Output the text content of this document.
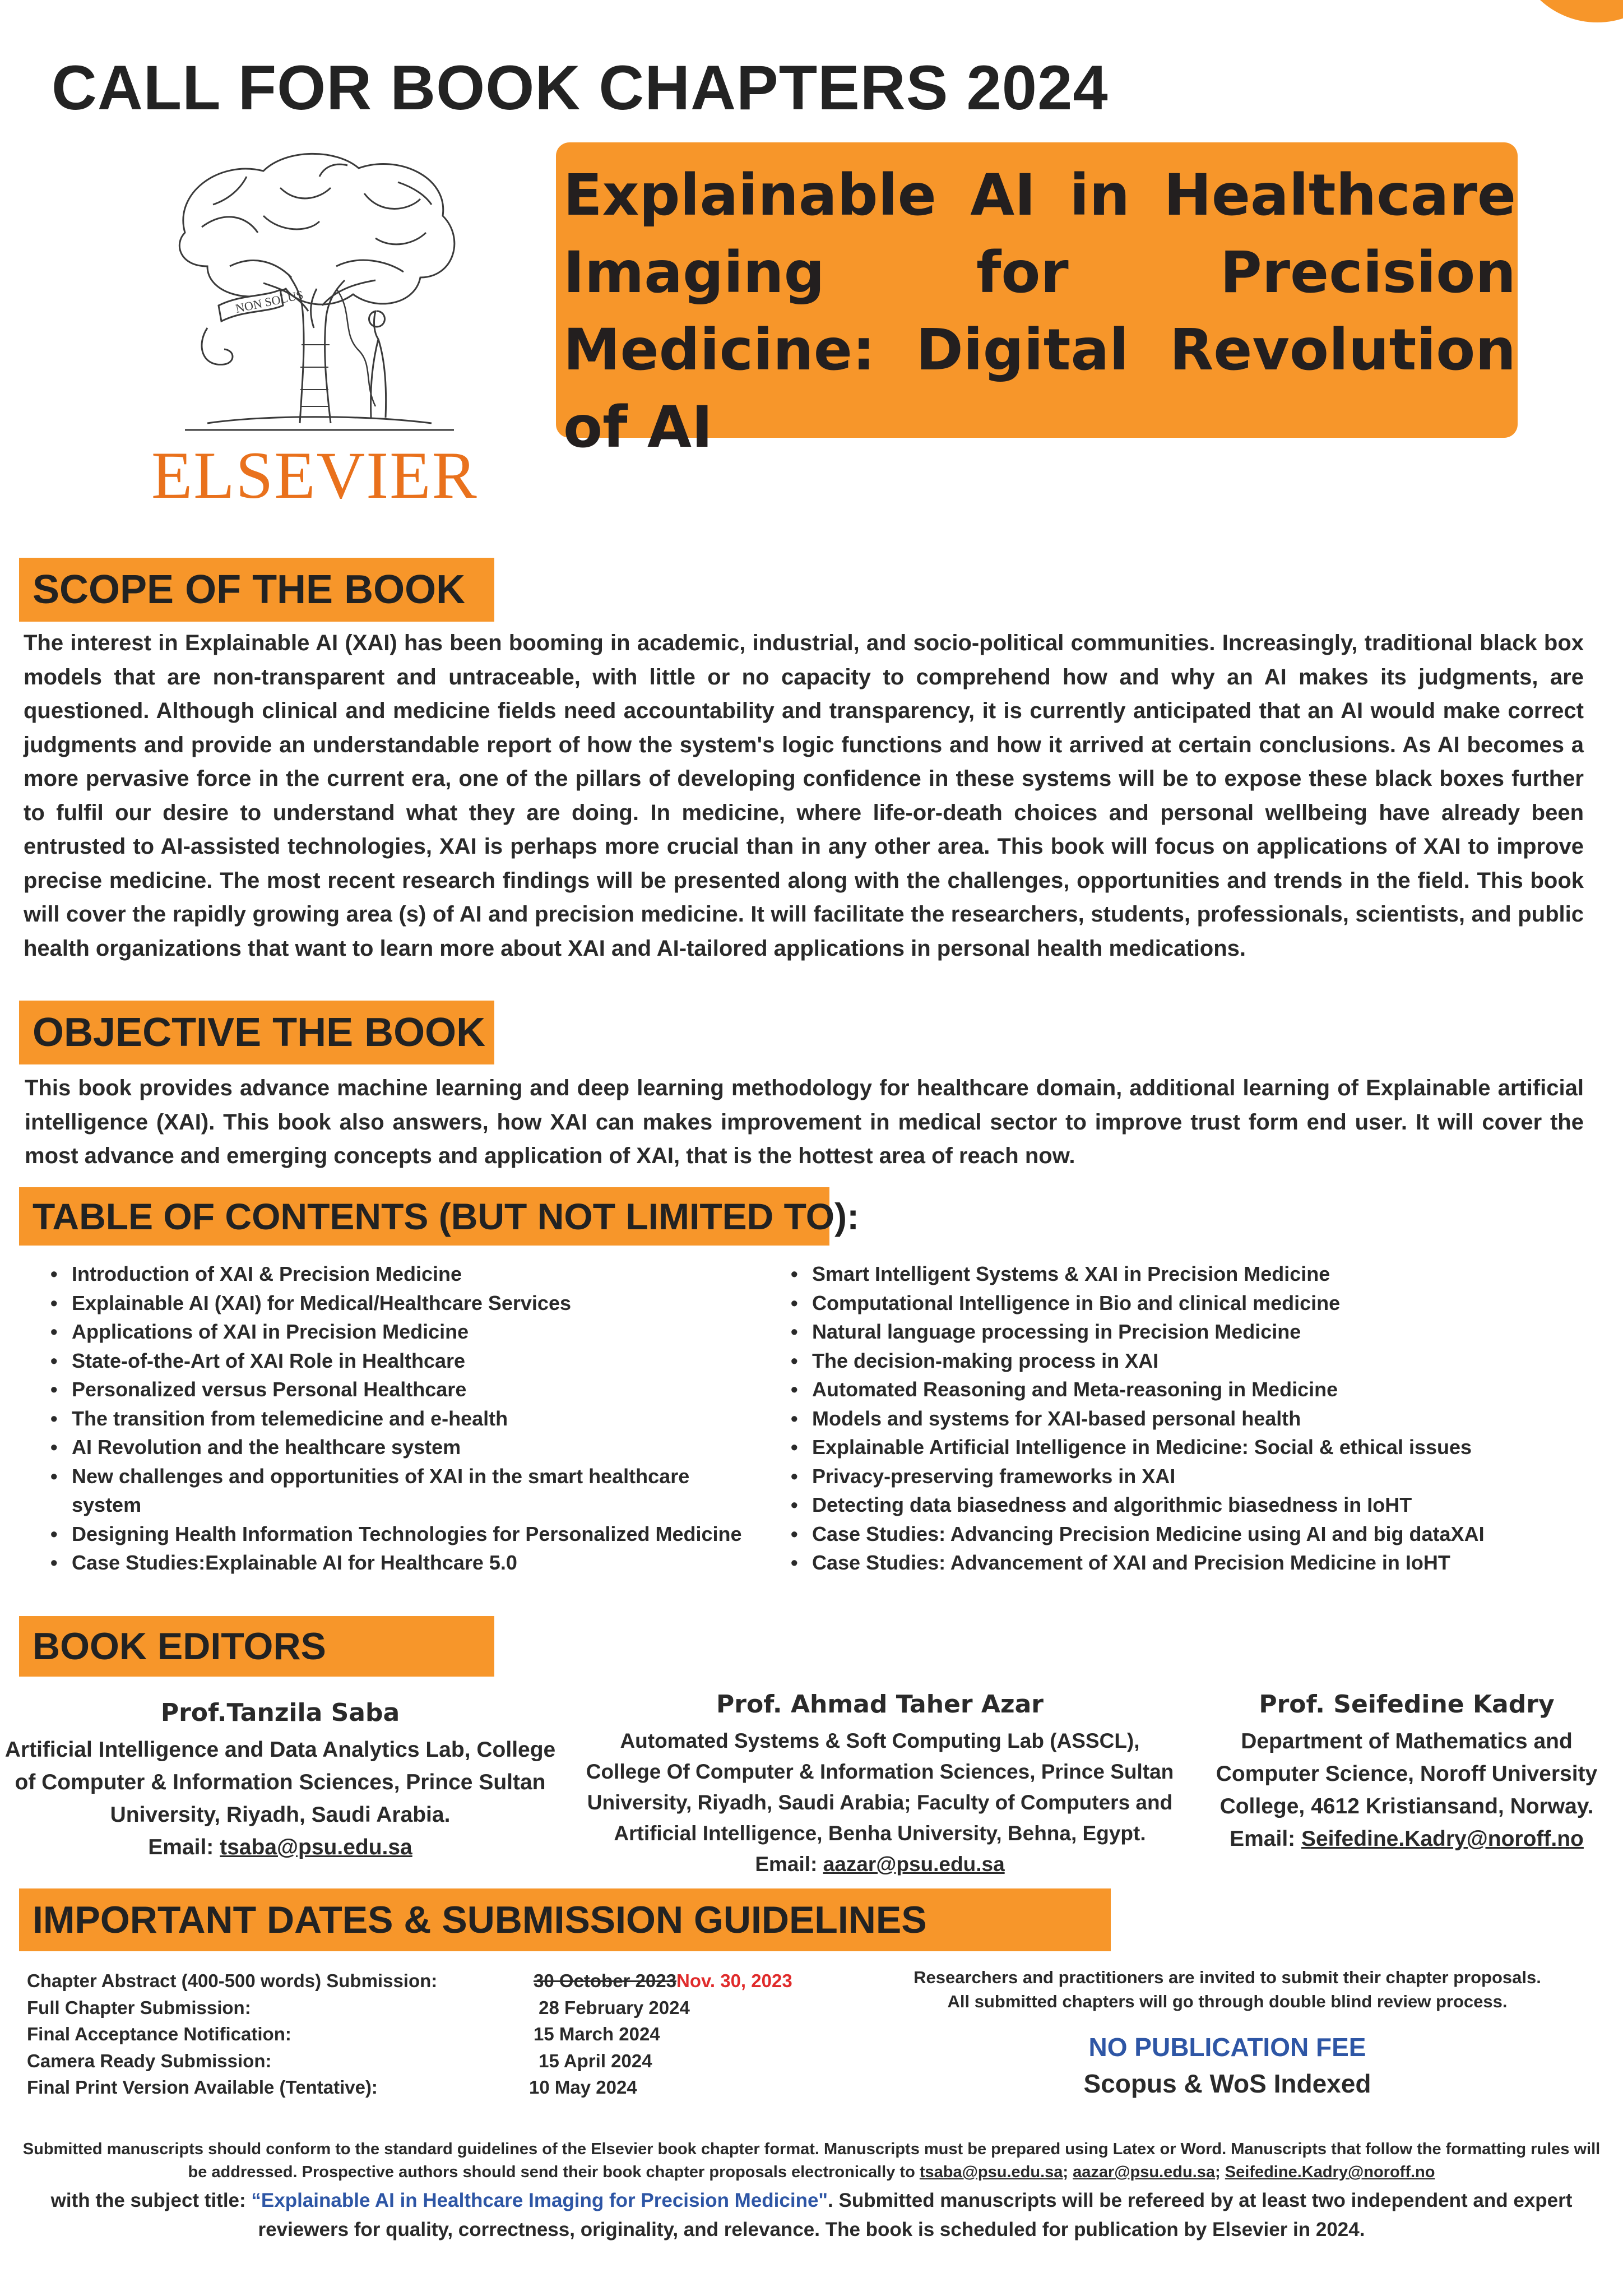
CALL FOR BOOK CHAPTERS 2024
NON SOLUS
ELSEVIER
Explainable AI in Healthcare Imaging for Precision Medicine: Digital Revolution of AI
SCOPE OF THE BOOK
The interest in Explainable AI (XAI) has been booming in academic, industrial, and socio-political communities. Increasingly, traditional black box models that are non-transparent and untraceable, with little or no capacity to comprehend how and why an AI makes its judgments, are questioned. Although clinical and medicine fields need accountability and transparency, it is currently anticipated that an AI would make correct judgments and provide an understandable report of how the system's logic functions and how it arrived at certain conclusions. As AI becomes a more pervasive force in the current era, one of the pillars of developing confidence in these systems will be to expose these black boxes further to fulfil our desire to understand what they are doing. In medicine, where life-or-death choices and personal wellbeing have already been entrusted to AI-assisted technologies, XAI is perhaps more crucial than in any other area. This book will focus on applications of XAI to improve precise medicine. The most recent research findings will be presented along with the challenges, opportunities and trends in the field. This book will cover the rapidly growing area (s) of AI and precision medicine. It will facilitate the researchers, students, professionals, scientists, and public health organizations that want to learn more about XAI and AI-tailored applications in personal health medications.
OBJECTIVE THE BOOK
This book provides advance machine learning and deep learning methodology for healthcare domain, additional learning of Explainable artificial intelligence (XAI). This book also answers, how XAI can makes improvement in medical sector to improve trust form end user. It will cover the most advance and emerging concepts and application of XAI, that is the hottest area of reach now.
TABLE OF CONTENTS (BUT NOT LIMITED TO):
• Introduction of XAI & Precision Medicine
• Explainable AI (XAI) for Medical/Healthcare Services
• Applications of XAI in Precision Medicine
• State-of-the-Art of XAI Role in Healthcare
• Personalized versus Personal Healthcare
• The transition from telemedicine and e-health
• AI Revolution and the healthcare system
• New challenges and opportunities of XAI in the smart healthcare system
• Designing Health Information Technologies for Personalized Medicine
• Case Studies:Explainable AI for Healthcare 5.0
• Smart Intelligent Systems & XAI in Precision Medicine
• Computational Intelligence in Bio and clinical medicine
• Natural language processing in Precision Medicine
• The decision-making process in XAI
• Automated Reasoning and Meta-reasoning in Medicine
• Models and systems for XAI-based personal health
• Explainable Artificial Intelligence in Medicine: Social & ethical issues
• Privacy-preserving frameworks in XAI
• Detecting data biasedness and algorithmic biasedness in IoHT
• Case Studies: Advancing Precision Medicine using AI and big dataXAI
• Case Studies: Advancement of XAI and Precision Medicine in IoHT
BOOK EDITORS
Prof.Tanzila Saba
Artificial Intelligence and Data Analytics Lab, College of Computer & Information Sciences, Prince Sultan University, Riyadh, Saudi Arabia.
Email: tsaba@psu.edu.sa
Prof. Ahmad Taher Azar
Automated Systems & Soft Computing Lab (ASSCL), College Of Computer & Information Sciences, Prince Sultan University, Riyadh, Saudi Arabia; Faculty of Computers and Artificial Intelligence, Benha University, Behna, Egypt.
Email: aazar@psu.edu.sa
Prof. Seifedine Kadry
Department of Mathematics and Computer Science, Noroff University College, 4612 Kristiansand, Norway.
Email: Seifedine.Kadry@noroff.no
IMPORTANT DATES & SUBMISSION GUIDELINES
Chapter Abstract (400-500 words) Submission:	30 October 2023Nov. 30, 2023
Full Chapter Submission:	28 February 2024
Final Acceptance Notification:	15 March 2024
Camera Ready Submission:	15 April 2024
Final Print Version Available (Tentative):	10 May 2024
Researchers and practitioners are invited to submit their chapter proposals. All submitted chapters will go through double blind review process.
NO PUBLICATION FEE
Scopus & WoS Indexed
Submitted manuscripts should conform to the standard guidelines of the Elsevier book chapter format. Manuscripts must be prepared using Latex or Word. Manuscripts that follow the formatting rules will be addressed. Prospective authors should send their book chapter proposals electronically to tsaba@psu.edu.sa; aazar@psu.edu.sa; Seifedine.Kadry@noroff.no
with the subject title: “Explainable AI in Healthcare Imaging for Precision Medicine". Submitted manuscripts will be refereed by at least two independent and expert reviewers for quality, correctness, originality, and relevance. The book is scheduled for publication by Elsevier in 2024.
